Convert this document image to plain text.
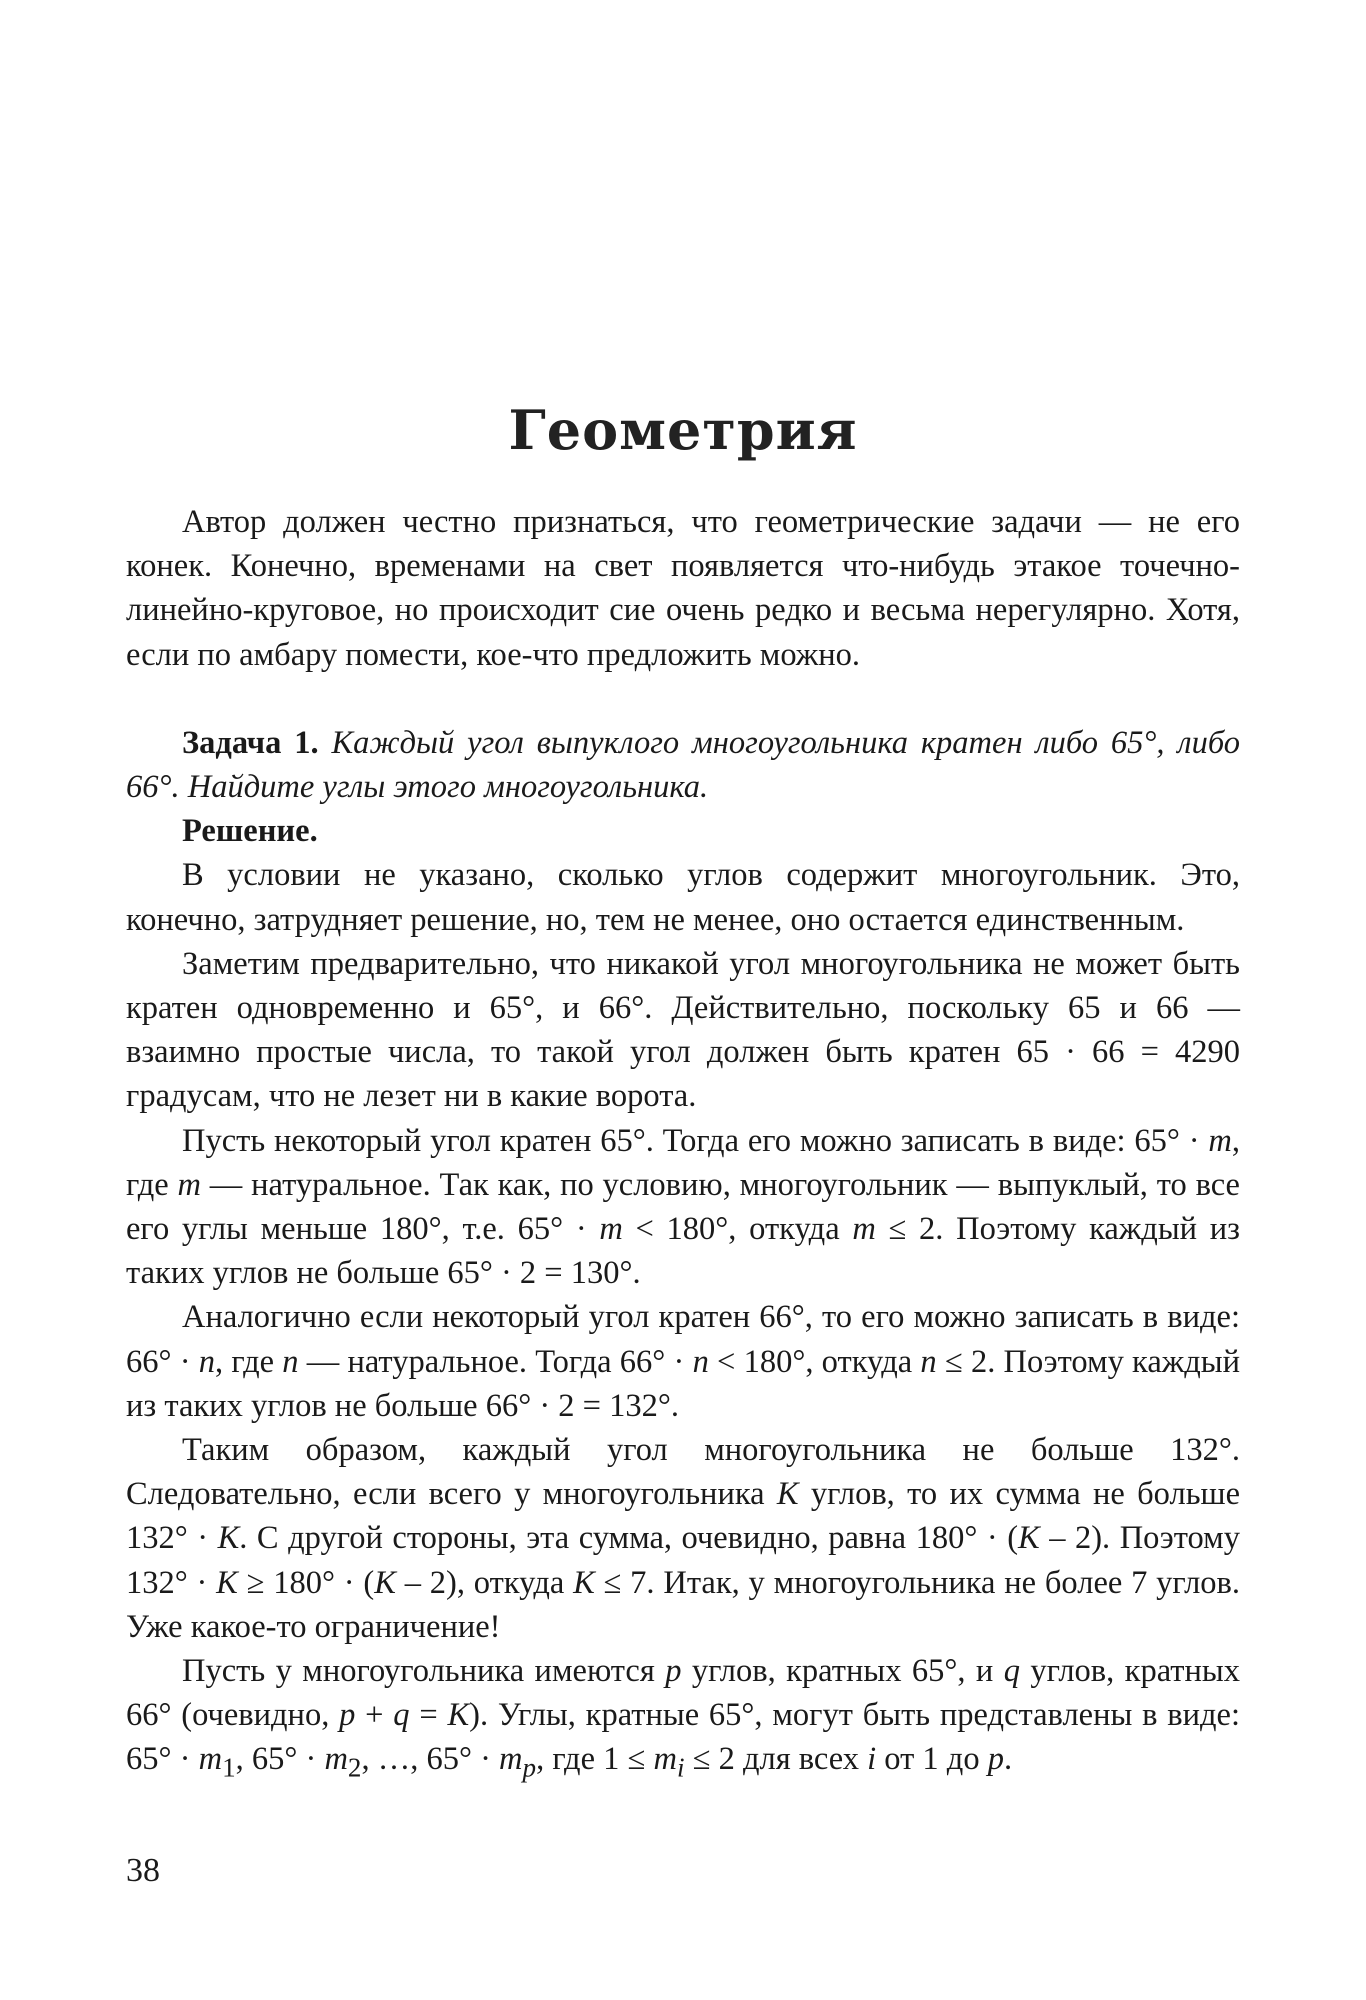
Геометрия

Автор должен честно признаться, что геометрические задачи — не его конек. Конечно, временами на свет появляется что-нибудь этакое точечно-линейно-круговое, но происходит сие очень редко и весьма нерегулярно. Хотя, если по амбару помести, кое-что предложить можно.

Задача 1. Каждый угол выпуклого многоугольника кратен либо 65°, либо 66°. Найдите углы этого многоугольника.

Решение.

В условии не указано, сколько углов содержит многоугольник. Это, конечно, затрудняет решение, но, тем не менее, оно остается единственным.

Заметим предварительно, что никакой угол многоугольника не может быть кратен одновременно и 65°, и 66°. Действительно, поскольку 65 и 66 — взаимно простые числа, то такой угол должен быть кратен 65 · 66 = 4290 градусам, что не лезет ни в какие ворота.

Пусть некоторый угол кратен 65°. Тогда его можно записать в виде: 65° · m, где m — натуральное. Так как, по условию, многоугольник — выпуклый, то все его углы меньше 180°, т.е. 65° · m < 180°, откуда m ≤ 2. Поэтому каждый из таких углов не больше 65° · 2 = 130°.

Аналогично если некоторый угол кратен 66°, то его можно записать в виде: 66° · n, где n — натуральное. Тогда 66° · n < 180°, откуда n ≤ 2. Поэтому каждый из таких углов не больше 66° · 2 = 132°.

Таким образом, каждый угол многоугольника не больше 132°. Следовательно, если всего у многоугольника K углов, то их сумма не больше 132° · K. С другой стороны, эта сумма, очевидно, равна 180° · (K – 2). Поэтому 132° · K ≥ 180° · (K – 2), откуда K ≤ 7. Итак, у многоугольника не более 7 углов. Уже какое-то ограничение!

Пусть у многоугольника имеются p углов, кратных 65°, и q углов, кратных 66° (очевидно, p + q = K). Углы, кратные 65°, могут быть представлены в виде: $65^\circ \cdot m_1$, $65^\circ \cdot m_2$, …, $65^\circ \cdot m_p$, где $1 \le m_i \le 2$ для всех i от 1 до p.

38
